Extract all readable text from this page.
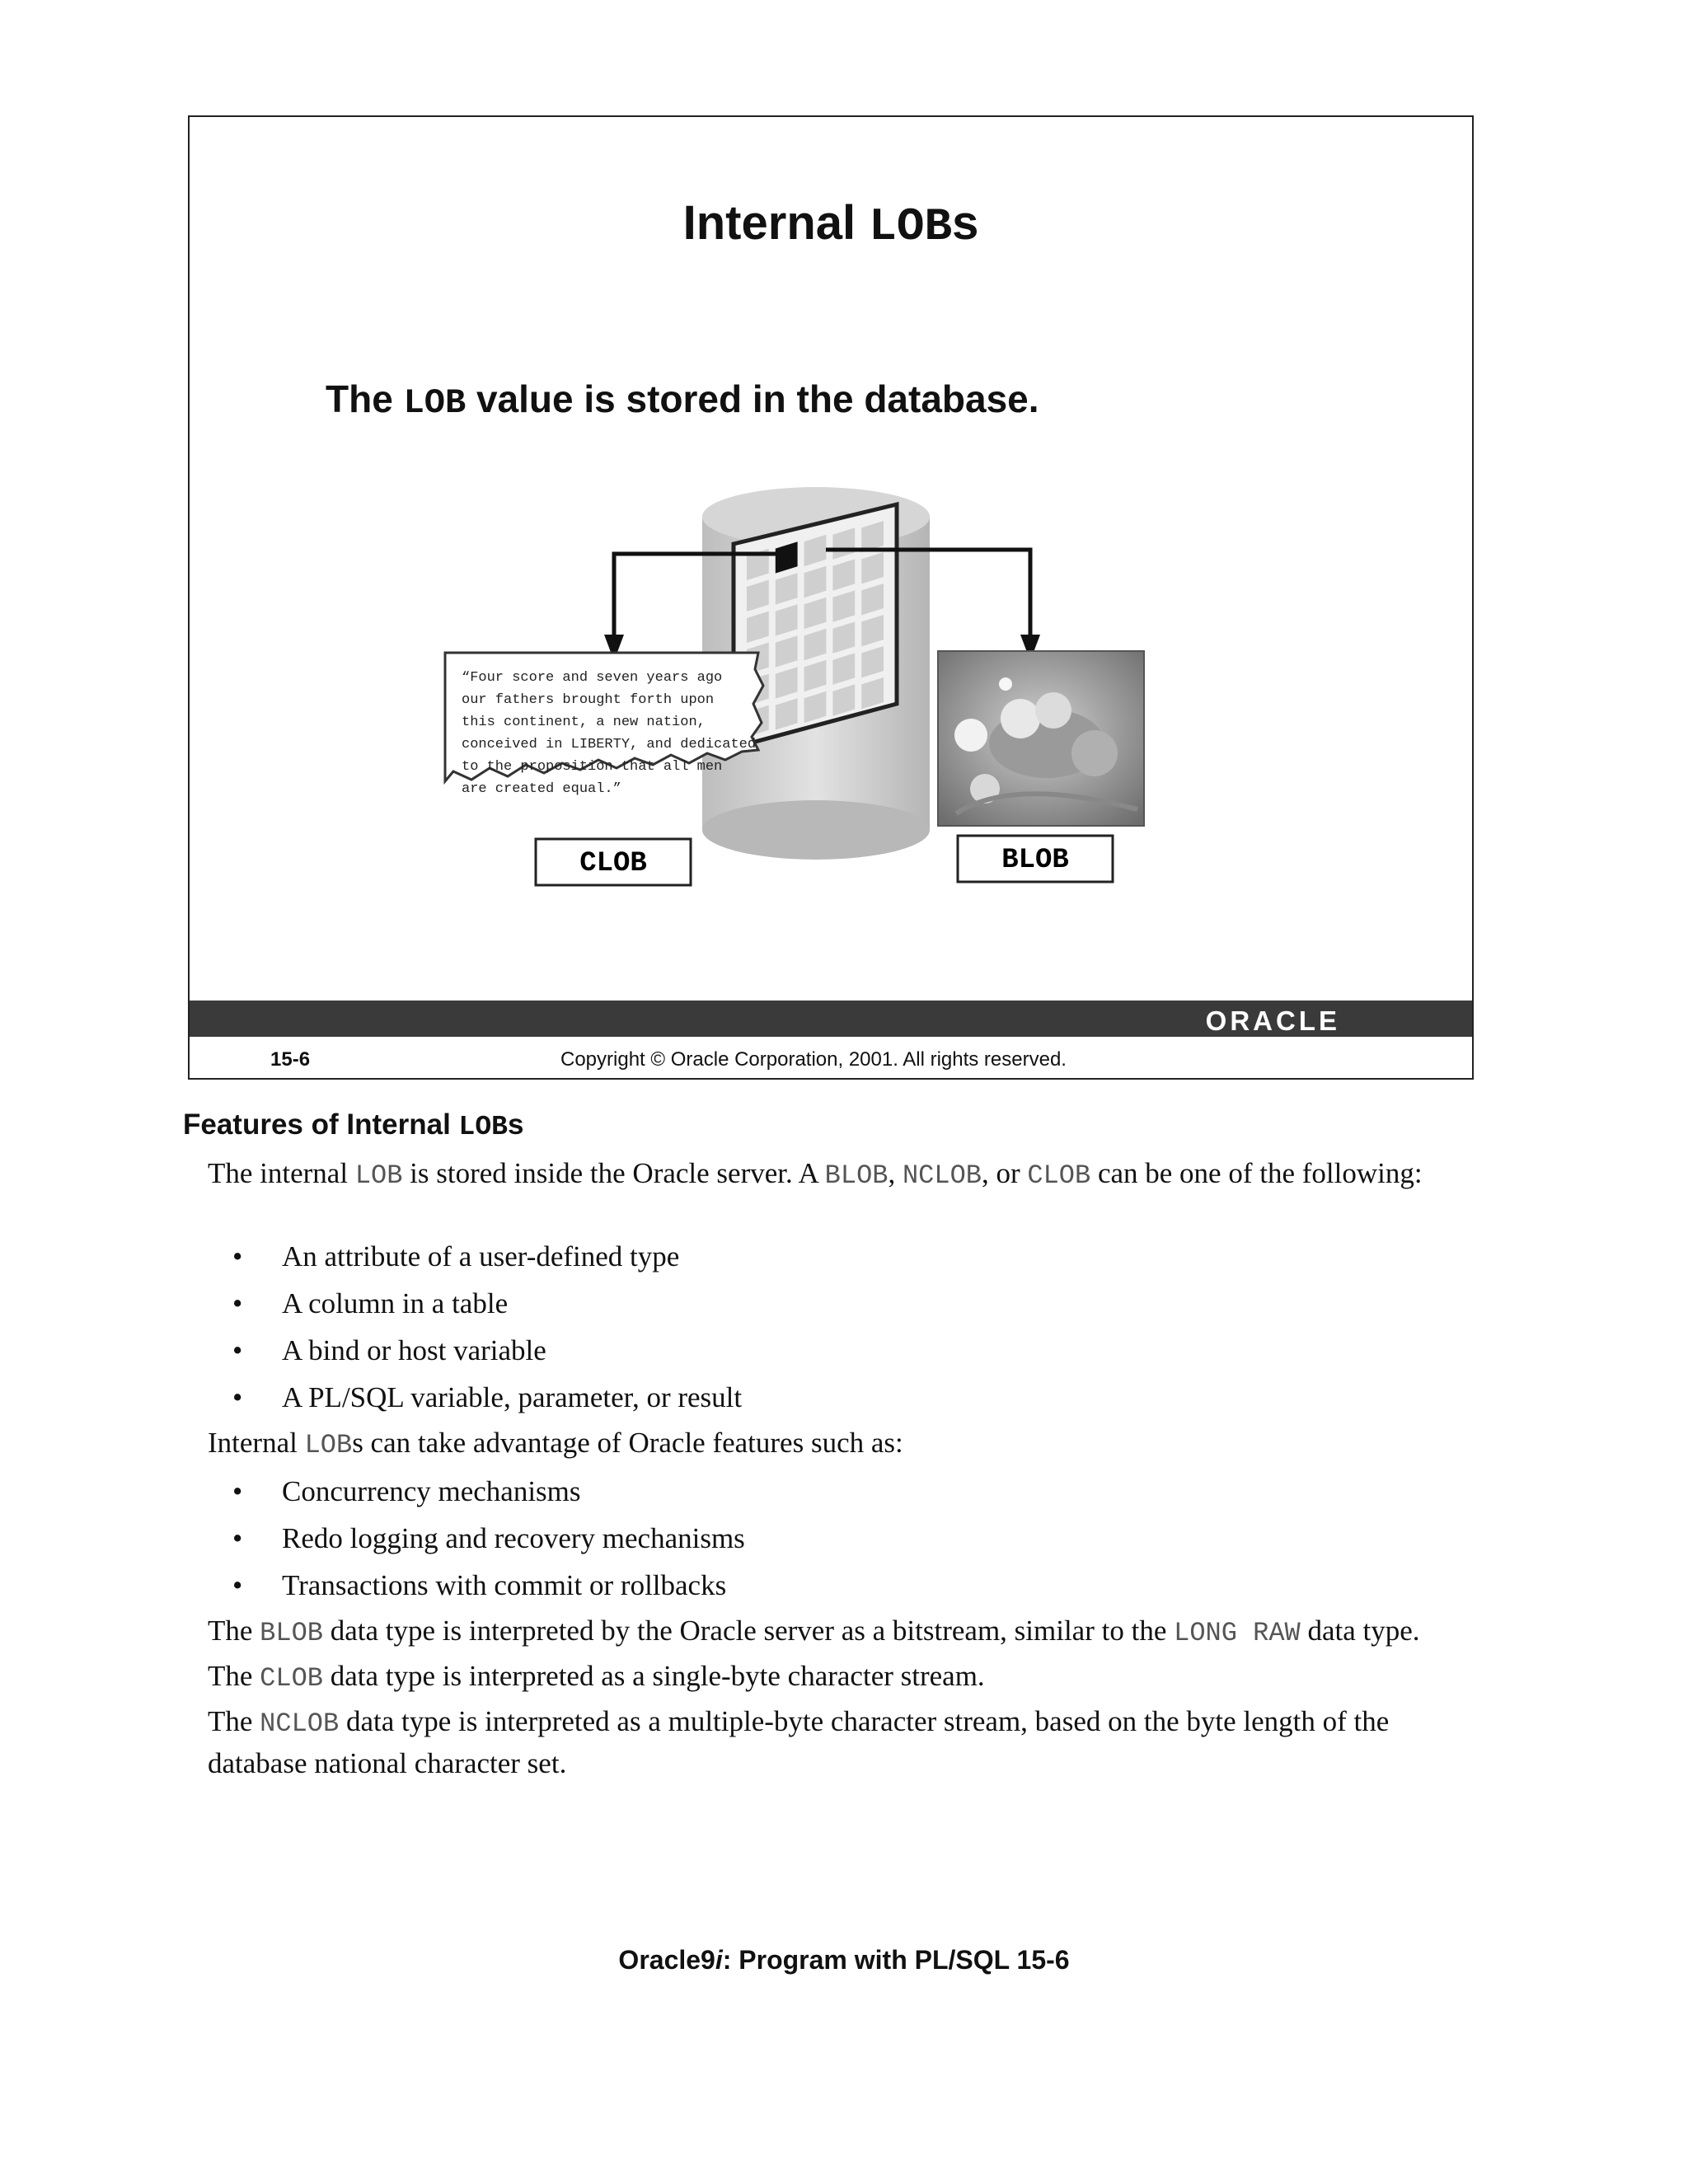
Internal LOBs
The LOB value is stored in the database.
“Four score and seven years ago our fathers brought forth upon this continent, a new nation, conceived in LIBERTY, and dedicated to the proposition that all men are created equal.”
CLOB	BLOB
ORACLE
15-6	Copyright © Oracle Corporation, 2001. All rights reserved.
Features of Internal LOBs
The internal LOB is stored inside the Oracle server. A BLOB, NCLOB, or CLOB can be one of the following:
• An attribute of a user-defined type
• A column in a table
• A bind or host variable
• A PL/SQL variable, parameter, or result
Internal LOBs can take advantage of Oracle features such as:
• Concurrency mechanisms
• Redo logging and recovery mechanisms
• Transactions with commit or rollbacks
The BLOB data type is interpreted by the Oracle server as a bitstream, similar to the LONG RAW data type.
The CLOB data type is interpreted as a single-byte character stream.
The NCLOB data type is interpreted as a multiple-byte character stream, based on the byte length of the database national character set.
Oracle9i: Program with PL/SQL 15-6
